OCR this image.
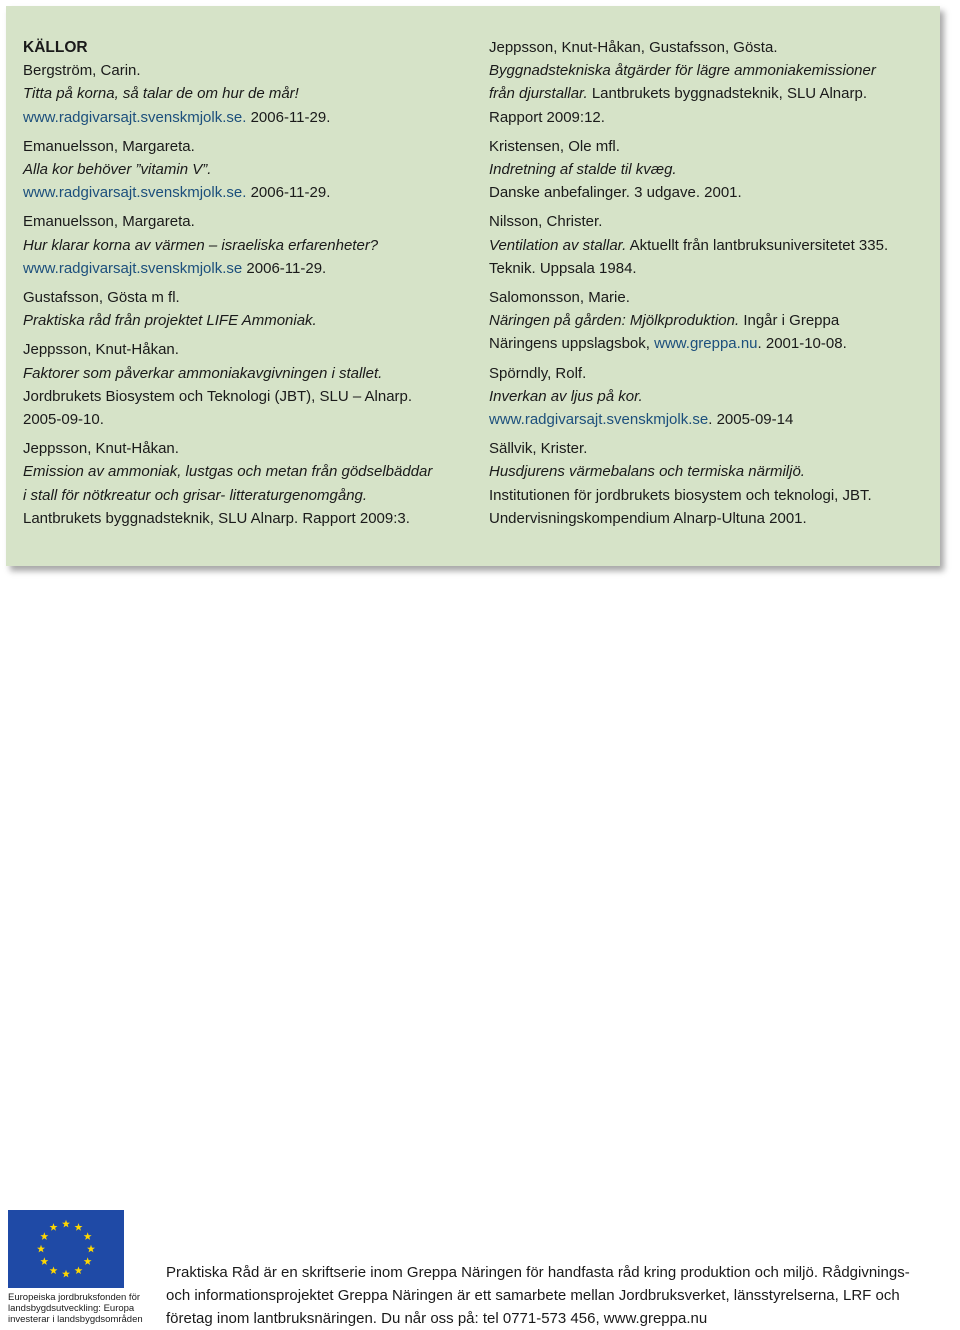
KÄLLOR

Bergström, Carin.
Titta på korna, så talar de om hur de mår!
www.radgivarsajt.svenskmjolk.se. 2006-11-29.
Emanuelsson, Margareta.
Alla kor behöver ”vitamin V”.
www.radgivarsajt.svenskmjolk.se. 2006-11-29.
Emanuelsson, Margareta.
Hur klarar korna av värmen – israeliska erfarenheter?
www.radgivarsajt.svenskmjolk.se 2006-11-29.
Gustafsson, Gösta m fl.
Praktiska råd från projektet LIFE Ammoniak.
Jeppsson, Knut-Håkan.
Faktorer som påverkar ammoniakavgivningen i stallet.
Jordbrukets Biosystem och Teknologi (JBT), SLU – Alnarp.
2005-09-10.
Jeppsson, Knut-Håkan.
Emission av ammoniak, lustgas och metan från gödselbäddar
i stall för nötkreatur och grisar- litteraturgenomgång.
Lantbrukets byggnadsteknik, SLU Alnarp. Rapport 2009:3.
Jeppsson, Knut-Håkan, Gustafsson, Gösta.
Byggnadstekniska åtgärder för lägre ammoniakemissioner
från djurstallar. Lantbrukets byggnadsteknik, SLU Alnarp.
Rapport 2009:12.
Kristensen, Ole mfl.
Indretning af stalde til kvæg.
Danske anbefalinger. 3 udgave. 2001.
Nilsson, Christer.
Ventilation av stallar. Aktuellt från lantbruksuniversitetet 335.
Teknik. Uppsala 1984.
Salomonsson, Marie.
Näringen på gården: Mjölkproduktion. Ingår i Greppa
Näringens uppslagsbok, www.greppa.nu. 2001-10-08.
Spörndly, Rolf.
Inverkan av ljus på kor.
www.radgivarsajt.svenskmjolk.se. 2005-09-14
Sällvik, Krister.
Husdjurens värmebalans och termiska närmiljö.
Institutionen för jordbrukets biosystem och teknologi, JBT.
Undervisningskompendium Alnarp-Ultuna 2001.
Europeiska jordbruksfonden för
landsbygdsutveckling: Europa
investerar i landsbygdsområden
Praktiska Råd är en skriftserie inom Greppa Näringen för handfasta råd kring produktion och miljö. Rådgivnings-
och informationsprojektet Greppa Näringen är ett samarbete mellan Jordbruksverket, länsstyrelserna, LRF och
företag inom lantbruksnäringen. Du når oss på: tel 0771-573 456, www.greppa.nu
